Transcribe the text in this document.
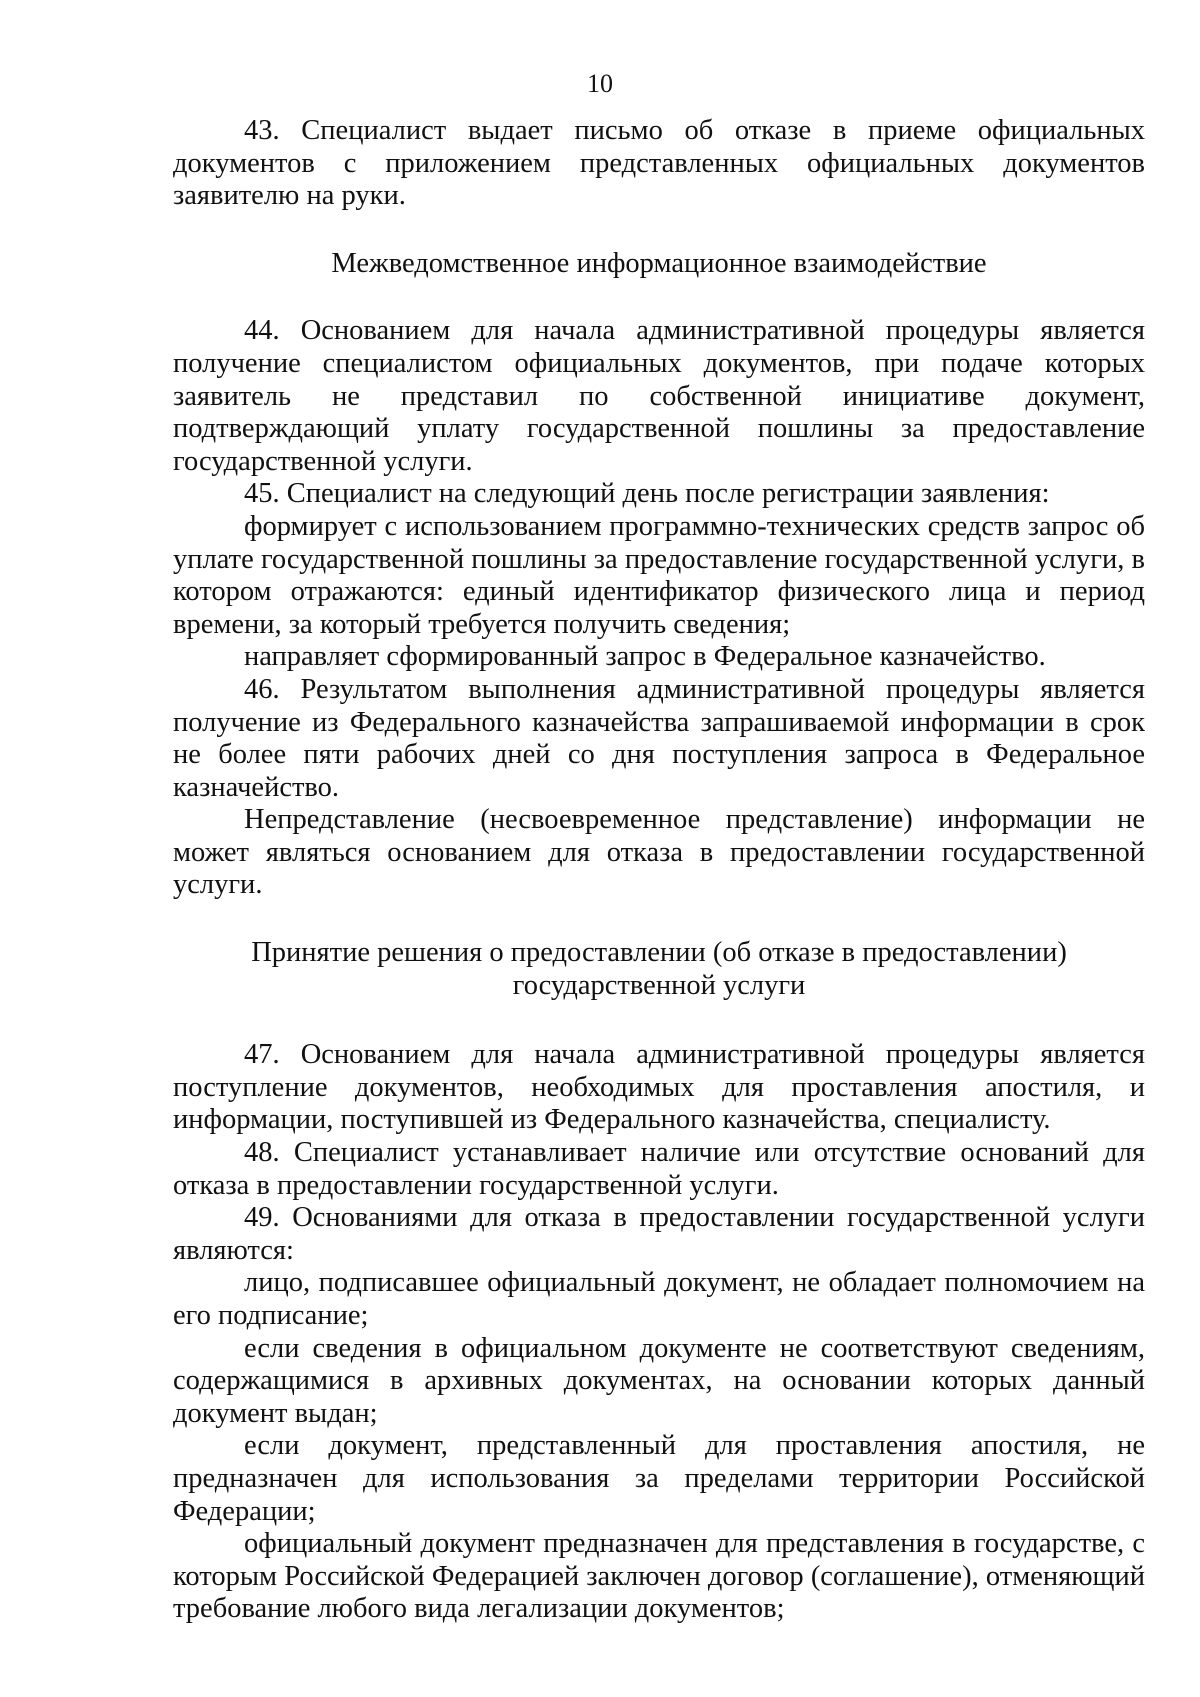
10

43. Специалист выдает письмо об отказе в приеме официальных документов с приложением представленных официальных документов заявителю на руки.

Межведомственное информационное взаимодействие

44. Основанием для начала административной процедуры является получение специалистом официальных документов, при подаче которых заявитель не представил по собственной инициативе документ, подтверждающий уплату государственной пошлины за предоставление государственной услуги.

45. Специалист на следующий день после регистрации заявления:

формирует с использованием программно-технических средств запрос об уплате государственной пошлины за предоставление государственной услуги, в котором отражаются: единый идентификатор физического лица и период времени, за который требуется получить сведения;

направляет сформированный запрос в Федеральное казначейство.

46. Результатом выполнения административной процедуры является получение из Федерального казначейства запрашиваемой информации в срок не более пяти рабочих дней со дня поступления запроса в Федеральное казначейство.

Непредставление (несвоевременное представление) информации не может являться основанием для отказа в предоставлении государственной услуги.

Принятие решения о предоставлении (об отказе в предоставлении)
государственной услуги

47. Основанием для начала административной процедуры является поступление документов, необходимых для проставления апостиля, и информации, поступившей из Федерального казначейства, специалисту.

48. Специалист устанавливает наличие или отсутствие оснований для отказа в предоставлении государственной услуги.

49. Основаниями для отказа в предоставлении государственной услуги являются:

лицо, подписавшее официальный документ, не обладает полномочием на его подписание;

если сведения в официальном документе не соответствуют сведениям, содержащимися в архивных документах, на основании которых данный документ выдан;

если документ, представленный для проставления апостиля, не предназначен для использования за пределами территории Российской Федерации;

официальный документ предназначен для представления в государстве, с которым Российской Федерацией заключен договор (соглашение), отменяющий требование любого вида легализации документов;
